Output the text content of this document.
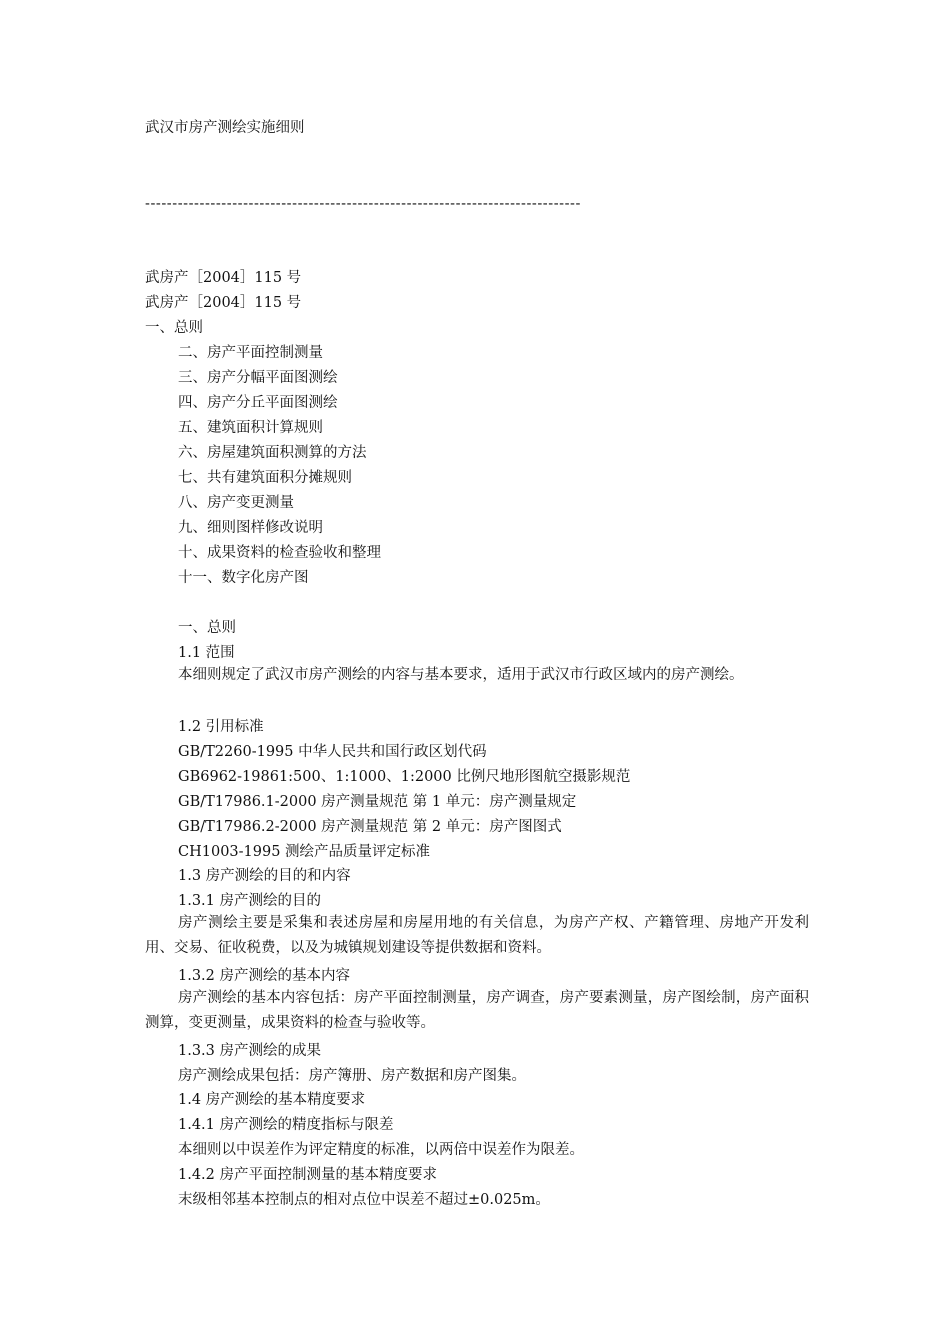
武汉市房产测绘实施细则

--------------------------------------------------------------------------------

武房产［2004］115 号

武房产［2004］115 号

一、总则

二、房产平面控制测量

三、房产分幅平面图测绘

四、房产分丘平面图测绘

五、建筑面积计算规则

六、房屋建筑面积测算的方法

七、共有建筑面积分摊规则

八、房产变更测量

九、细则图样修改说明

十、成果资料的检查验收和整理

十一、数字化房产图

一、总则

1.1 范围

本细则规定了武汉市房产测绘的内容与基本要求，适用于武汉市行政区域内的房产测绘。

1.2 引用标准

GB/T2260-1995 中华人民共和国行政区划代码

GB6962-19861:500、1:1000、1:2000 比例尺地形图航空摄影规范

GB/T17986.1-2000 房产测量规范 第 1 单元：房产测量规定

GB/T17986.2-2000 房产测量规范 第 2 单元：房产图图式

CH1003-1995 测绘产品质量评定标准

1.3 房产测绘的目的和内容

1.3.1 房产测绘的目的

房产测绘主要是采集和表述房屋和房屋用地的有关信息，为房产产权、产籍管理、房地产开发利用、交易、征收税费，以及为城镇规划建设等提供数据和资料。

1.3.2 房产测绘的基本内容

房产测绘的基本内容包括：房产平面控制测量，房产调查，房产要素测量，房产图绘制，房产面积测算，变更测量，成果资料的检查与验收等。

1.3.3 房产测绘的成果

房产测绘成果包括：房产簿册、房产数据和房产图集。

1.4 房产测绘的基本精度要求

1.4.1 房产测绘的精度指标与限差

本细则以中误差作为评定精度的标准，以两倍中误差作为限差。

1.4.2 房产平面控制测量的基本精度要求

末级相邻基本控制点的相对点位中误差不超过±0.025m。
